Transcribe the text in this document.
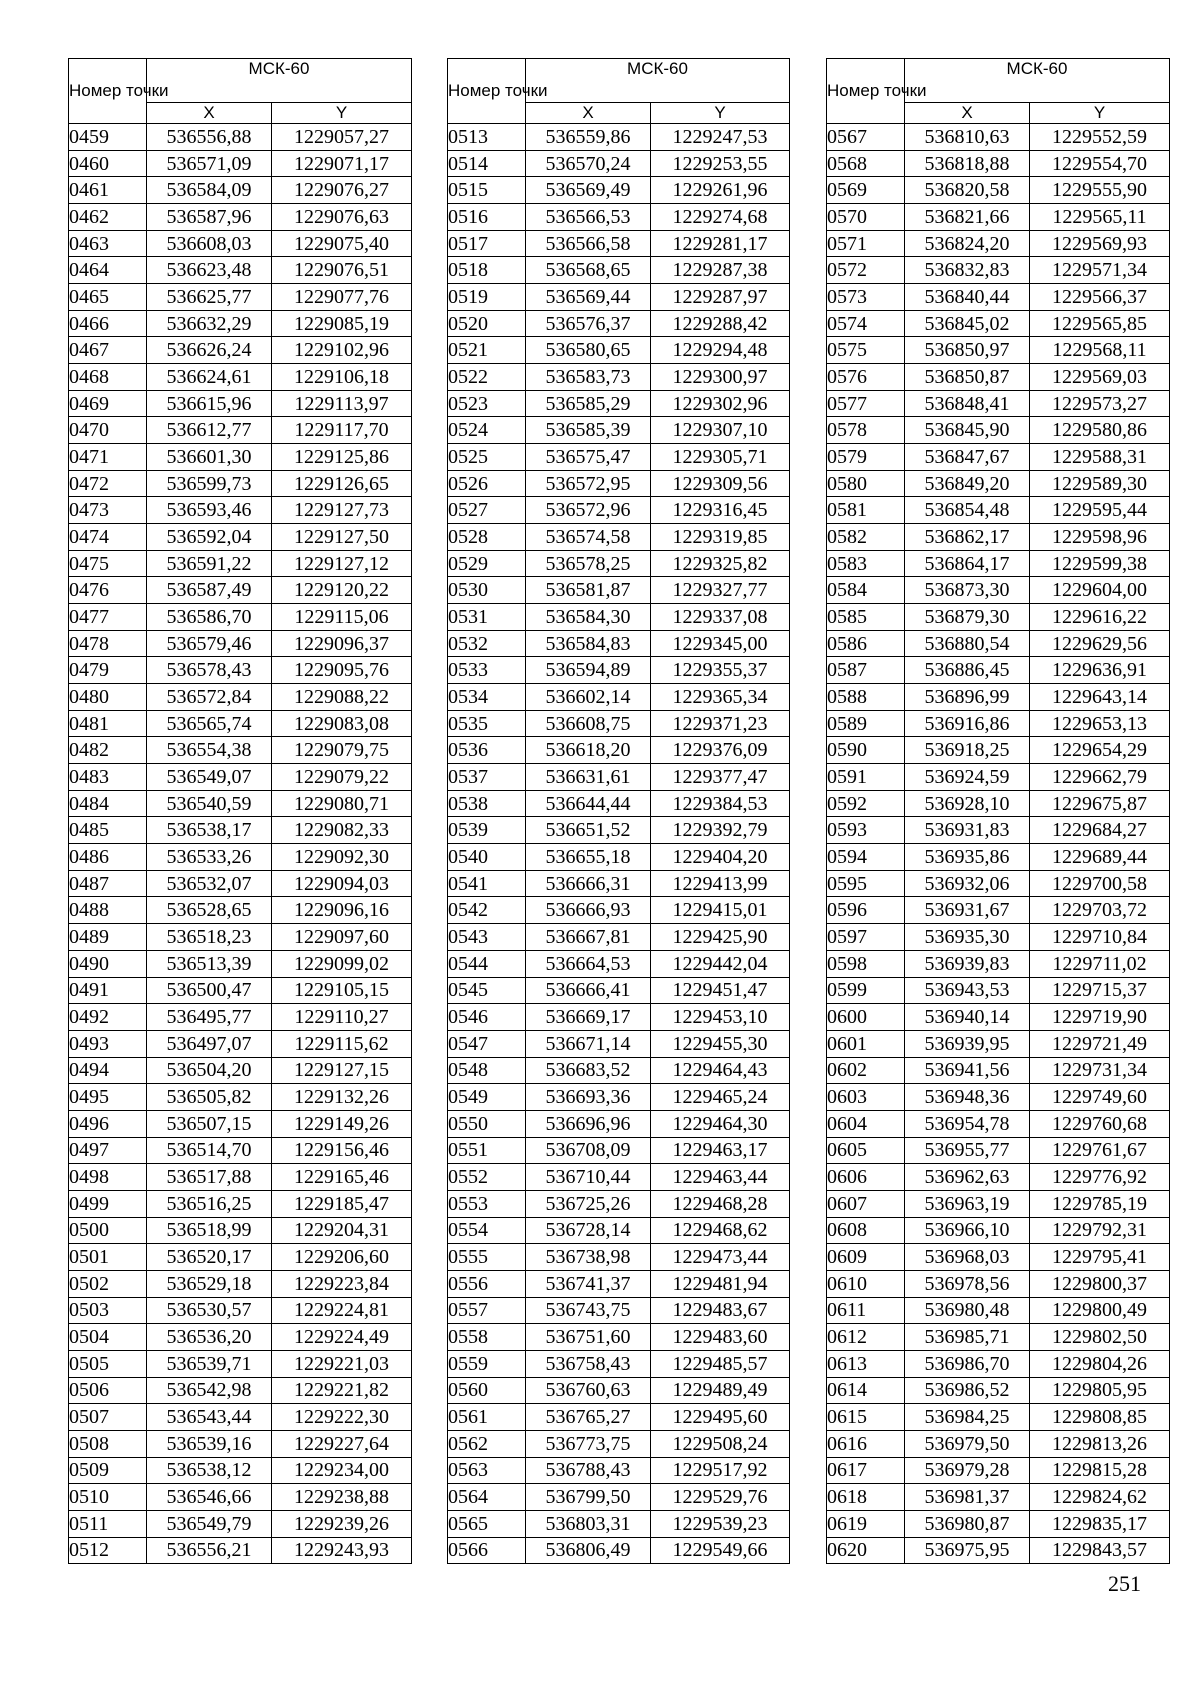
Номер точки	МСК-60	
	X	Y
0459	536556,88	1229057,27
0460	536571,09	1229071,17
0461	536584,09	1229076,27
0462	536587,96	1229076,63
0463	536608,03	1229075,40
0464	536623,48	1229076,51
0465	536625,77	1229077,76
0466	536632,29	1229085,19
0467	536626,24	1229102,96
0468	536624,61	1229106,18
0469	536615,96	1229113,97
0470	536612,77	1229117,70
0471	536601,30	1229125,86
0472	536599,73	1229126,65
0473	536593,46	1229127,73
0474	536592,04	1229127,50
0475	536591,22	1229127,12
0476	536587,49	1229120,22
0477	536586,70	1229115,06
0478	536579,46	1229096,37
0479	536578,43	1229095,76
0480	536572,84	1229088,22
0481	536565,74	1229083,08
0482	536554,38	1229079,75
0483	536549,07	1229079,22
0484	536540,59	1229080,71
0485	536538,17	1229082,33
0486	536533,26	1229092,30
0487	536532,07	1229094,03
0488	536528,65	1229096,16
0489	536518,23	1229097,60
0490	536513,39	1229099,02
0491	536500,47	1229105,15
0492	536495,77	1229110,27
0493	536497,07	1229115,62
0494	536504,20	1229127,15
0495	536505,82	1229132,26
0496	536507,15	1229149,26
0497	536514,70	1229156,46
0498	536517,88	1229165,46
0499	536516,25	1229185,47
0500	536518,99	1229204,31
0501	536520,17	1229206,60
0502	536529,18	1229223,84
0503	536530,57	1229224,81
0504	536536,20	1229224,49
0505	536539,71	1229221,03
0506	536542,98	1229221,82
0507	536543,44	1229222,30
0508	536539,16	1229227,64
0509	536538,12	1229234,00
0510	536546,66	1229238,88
0511	536549,79	1229239,26
0512	536556,21	1229243,93
Номер точки	МСК-60	
	X	Y
0513	536559,86	1229247,53
0514	536570,24	1229253,55
0515	536569,49	1229261,96
0516	536566,53	1229274,68
0517	536566,58	1229281,17
0518	536568,65	1229287,38
0519	536569,44	1229287,97
0520	536576,37	1229288,42
0521	536580,65	1229294,48
0522	536583,73	1229300,97
0523	536585,29	1229302,96
0524	536585,39	1229307,10
0525	536575,47	1229305,71
0526	536572,95	1229309,56
0527	536572,96	1229316,45
0528	536574,58	1229319,85
0529	536578,25	1229325,82
0530	536581,87	1229327,77
0531	536584,30	1229337,08
0532	536584,83	1229345,00
0533	536594,89	1229355,37
0534	536602,14	1229365,34
0535	536608,75	1229371,23
0536	536618,20	1229376,09
0537	536631,61	1229377,47
0538	536644,44	1229384,53
0539	536651,52	1229392,79
0540	536655,18	1229404,20
0541	536666,31	1229413,99
0542	536666,93	1229415,01
0543	536667,81	1229425,90
0544	536664,53	1229442,04
0545	536666,41	1229451,47
0546	536669,17	1229453,10
0547	536671,14	1229455,30
0548	536683,52	1229464,43
0549	536693,36	1229465,24
0550	536696,96	1229464,30
0551	536708,09	1229463,17
0552	536710,44	1229463,44
0553	536725,26	1229468,28
0554	536728,14	1229468,62
0555	536738,98	1229473,44
0556	536741,37	1229481,94
0557	536743,75	1229483,67
0558	536751,60	1229483,60
0559	536758,43	1229485,57
0560	536760,63	1229489,49
0561	536765,27	1229495,60
0562	536773,75	1229508,24
0563	536788,43	1229517,92
0564	536799,50	1229529,76
0565	536803,31	1229539,23
0566	536806,49	1229549,66
Номер точки	МСК-60	
	X	Y
0567	536810,63	1229552,59
0568	536818,88	1229554,70
0569	536820,58	1229555,90
0570	536821,66	1229565,11
0571	536824,20	1229569,93
0572	536832,83	1229571,34
0573	536840,44	1229566,37
0574	536845,02	1229565,85
0575	536850,97	1229568,11
0576	536850,87	1229569,03
0577	536848,41	1229573,27
0578	536845,90	1229580,86
0579	536847,67	1229588,31
0580	536849,20	1229589,30
0581	536854,48	1229595,44
0582	536862,17	1229598,96
0583	536864,17	1229599,38
0584	536873,30	1229604,00
0585	536879,30	1229616,22
0586	536880,54	1229629,56
0587	536886,45	1229636,91
0588	536896,99	1229643,14
0589	536916,86	1229653,13
0590	536918,25	1229654,29
0591	536924,59	1229662,79
0592	536928,10	1229675,87
0593	536931,83	1229684,27
0594	536935,86	1229689,44
0595	536932,06	1229700,58
0596	536931,67	1229703,72
0597	536935,30	1229710,84
0598	536939,83	1229711,02
0599	536943,53	1229715,37
0600	536940,14	1229719,90
0601	536939,95	1229721,49
0602	536941,56	1229731,34
0603	536948,36	1229749,60
0604	536954,78	1229760,68
0605	536955,77	1229761,67
0606	536962,63	1229776,92
0607	536963,19	1229785,19
0608	536966,10	1229792,31
0609	536968,03	1229795,41
0610	536978,56	1229800,37
0611	536980,48	1229800,49
0612	536985,71	1229802,50
0613	536986,70	1229804,26
0614	536986,52	1229805,95
0615	536984,25	1229808,85
0616	536979,50	1229813,26
0617	536979,28	1229815,28
0618	536981,37	1229824,62
0619	536980,87	1229835,17
0620	536975,95	1229843,57
251
